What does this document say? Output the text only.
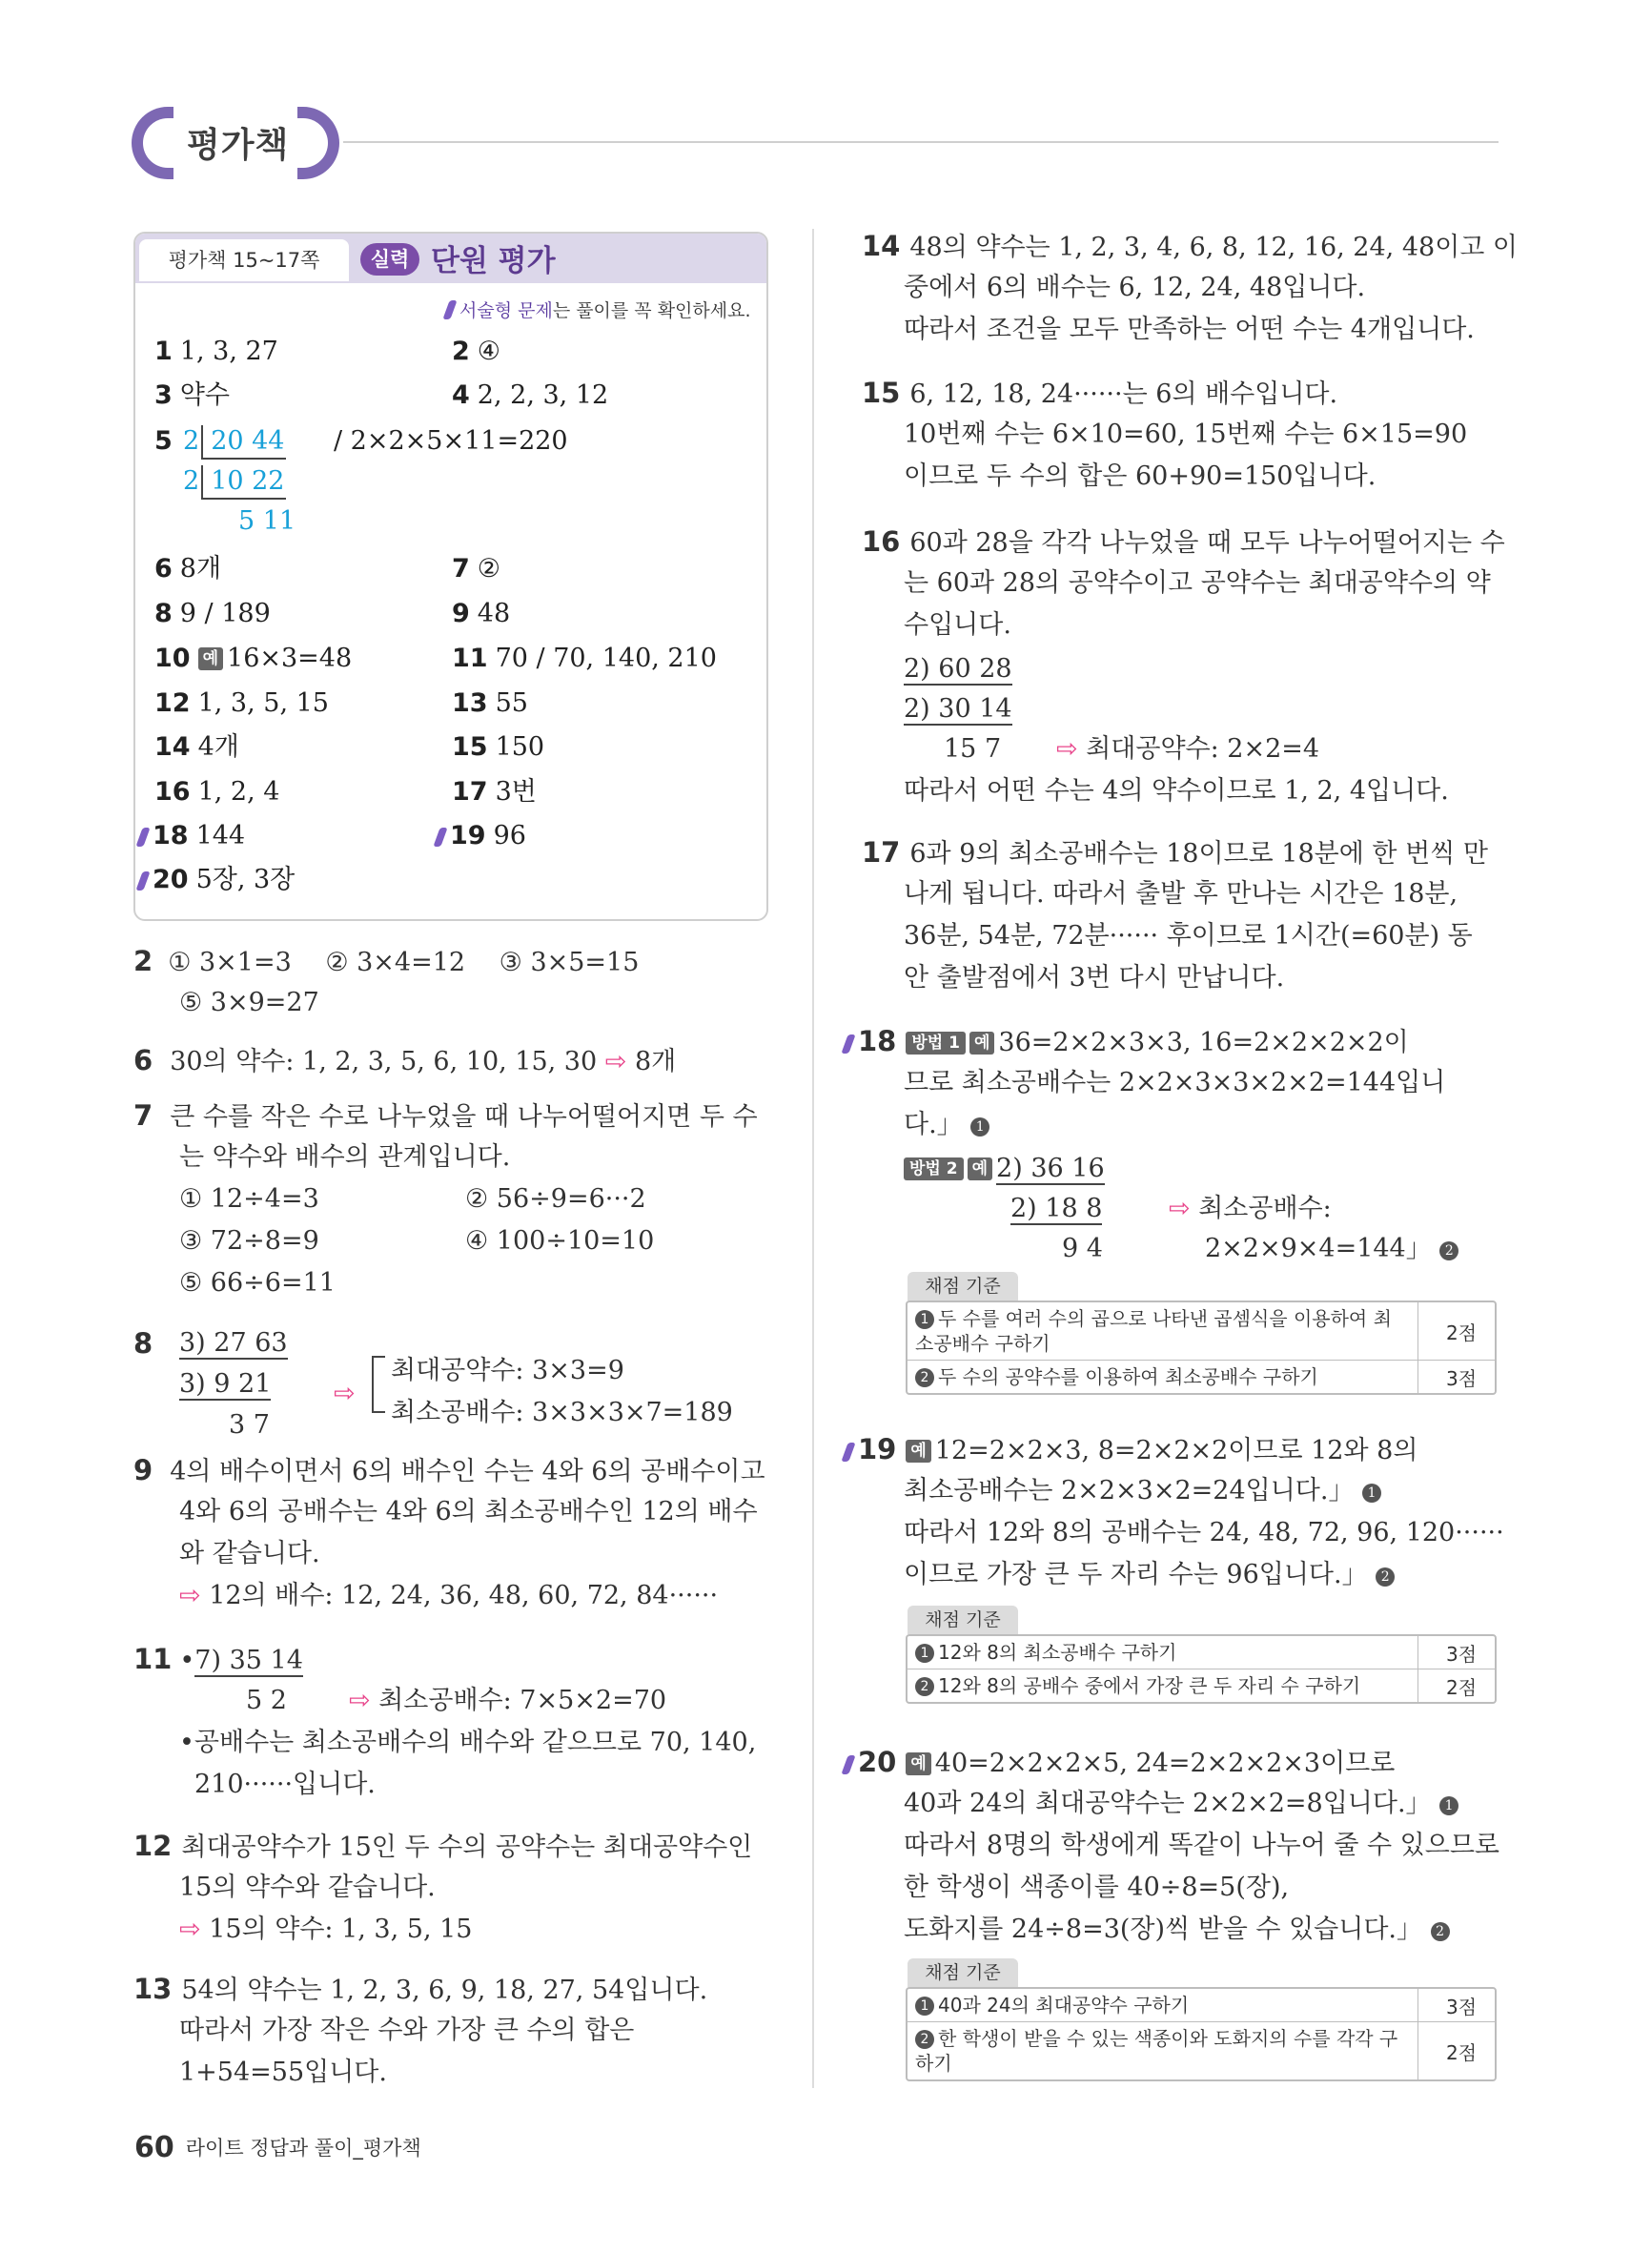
평가책
평가책 15~17쪽	실력 단원 평가
서술형 문제는 풀이를 꼭 확인하세요.
1 1, 3, 27	2 ④
3 약수	4 2, 2, 3, 12
5 2 20 44 / 2×2×5×11=220
2 10 22
5 11
6 8개	7 ②
8 9 / 189	9 48
10 예 16×3=48	11 70 / 70, 140, 210
12 1, 3, 5, 15	13 55
14 4개	15 150
16 1, 2, 4	17 3번
18 144	19 96
20 5장, 3장
2 ① 3×1=3　 ② 3×4=12　 ③ 3×5=15
⑤ 3×9=27
6 30의 약수: 1, 2, 3, 5, 6, 10, 15, 30 ⇨ 8개
7 큰 수를 작은 수로 나누었을 때 나누어떨어지면 두 수
는 약수와 배수의 관계입니다.
① 12÷4=3	② 56÷9=6···2
③ 72÷8=9	④ 100÷10=10
⑤ 66÷6=11
8	3) 27 63
3) 9 21
3 7
⇨
최대공약수: 3×3=9
최소공배수: 3×3×3×7=189
9 4의 배수이면서 6의 배수인 수는 4와 6의 공배수이고
4와 6의 공배수는 4와 6의 최소공배수인 12의 배수
와 같습니다.
⇨ 12의 배수: 12, 24, 36, 48, 60, 72, 84······
11 •7) 35 14
5 2 ⇨ 최소공배수: 7×5×2=70
•공배수는 최소공배수의 배수와 같으므로 70, 140,
210······입니다.
12 최대공약수가 15인 두 수의 공약수는 최대공약수인
15의 약수와 같습니다.
⇨ 15의 약수: 1, 3, 5, 15
13 54의 약수는 1, 2, 3, 6, 9, 18, 27, 54입니다.
따라서 가장 작은 수와 가장 큰 수의 합은
1+54=55입니다.
14 48의 약수는 1, 2, 3, 4, 6, 8, 12, 16, 24, 48이고 이
중에서 6의 배수는 6, 12, 24, 48입니다.
따라서 조건을 모두 만족하는 어떤 수는 4개입니다.
15 6, 12, 18, 24······는 6의 배수입니다.
10번째 수는 6×10=60, 15번째 수는 6×15=90
이므로 두 수의 합은 60+90=150입니다.
16 60과 28을 각각 나누었을 때 모두 나누어떨어지는 수
는 60과 28의 공약수이고 공약수는 최대공약수의 약
수입니다.
2) 60 28
2) 30 14
15 7 ⇨ 최대공약수: 2×2=4
따라서 어떤 수는 4의 약수이므로 1, 2, 4입니다.
17 6과 9의 최소공배수는 18이므로 18분에 한 번씩 만
나게 됩니다. 따라서 출발 후 만나는 시간은 18분,
36분, 54분, 72분······ 후이므로 1시간(=60분) 동
안 출발점에서 3번 다시 만납니다.
18 방법 1 예 36=2×2×3×3, 16=2×2×2×2이
므로 최소공배수는 2×2×3×3×2×2=144입니
다.」 1
방법 2 예 2) 36 16
2) 18 8
9 4
⇨ 최소공배수:
2×2×9×4=144」 2
채점 기준
1 두 수를 여러 수의 곱으로 나타낸 곱셈식을 이용하여 최소공배수 구하기	2점
2 두 수의 공약수를 이용하여 최소공배수 구하기	3점
19 예 12=2×2×3, 8=2×2×2이므로 12와 8의
최소공배수는 2×2×3×2=24입니다.」 1
따라서 12와 8의 공배수는 24, 48, 72, 96, 120······
이므로 가장 큰 두 자리 수는 96입니다.」 2
채점 기준
1 12와 8의 최소공배수 구하기	3점
2 12와 8의 공배수 중에서 가장 큰 두 자리 수 구하기	2점
20 예 40=2×2×2×5, 24=2×2×2×3이므로
40과 24의 최대공약수는 2×2×2=8입니다.」 1
따라서 8명의 학생에게 똑같이 나누어 줄 수 있으므로
한 학생이 색종이를 40÷8=5(장),
도화지를 24÷8=3(장)씩 받을 수 있습니다.」 2
채점 기준
1 40과 24의 최대공약수 구하기	3점
2 한 학생이 받을 수 있는 색종이와 도화지의 수를 각각 구하기	2점
60 라이트 정답과 풀이_평가책
